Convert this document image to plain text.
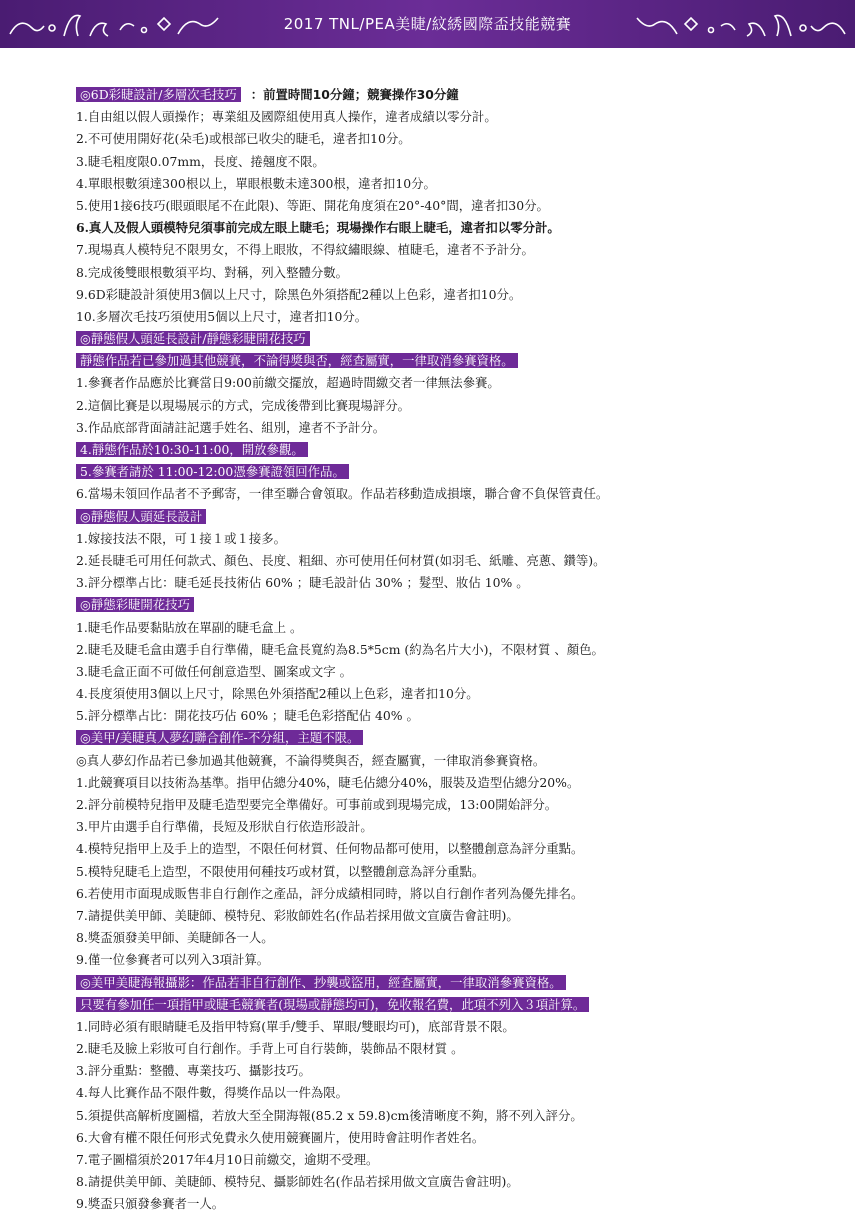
2017 TNL/PEA美睫/紋綉國際盃技能競賽
◎6D彩睫設計/多層次毛技巧 ：前置時間10分鐘；競賽操作30分鐘
1.自由組以假人頭操作；專業組及國際組使用真人操作，違者成績以零分計。
2.不可使用開好花(朵毛)或根部已收尖的睫毛，違者扣10分。
3.睫毛粗度限0.07mm，長度、捲翹度不限。
4.單眼根數須達300根以上，單眼根數未達300根，違者扣10分。
5.使用1接6技巧(眼頭眼尾不在此限)、等距、開花角度須在20°-40°間，違者扣30分。
6.真人及假人頭模特兒須事前完成左眼上睫毛；現場操作右眼上睫毛，違者扣以零分計。
7.現場真人模特兒不限男女，不得上眼妝，不得紋繡眼線、植睫毛，違者不予計分。
8.完成後雙眼根數須平均、對稱，列入整體分數。
9.6D彩睫設計須使用3個以上尺寸，除黑色外須搭配2種以上色彩，違者扣10分。
10.多層次毛技巧須使用5個以上尺寸，違者扣10分。
◎靜態假人頭延長設計/靜態彩睫開花技巧
靜態作品若已參加過其他競賽，不論得獎與否，經查屬實，一律取消參賽資格。
1.參賽者作品應於比賽當日9:00前繳交擺放，超過時間繳交者一律無法參賽。
2.這個比賽是以現場展示的方式，完成後帶到比賽現場評分。
3.作品底部背面請註記選手姓名、組別，違者不予計分。
4.靜態作品於10:30-11:00，開放參觀。
5.參賽者請於 11:00-12:00憑參賽證領回作品。
6.當場未領回作品者不予郵寄，一律至聯合會領取。作品若移動造成損壞，聯合會不負保管責任。
◎靜態假人頭延長設計
1.嫁接技法不限，可１接１或１接多。
2.延長睫毛可用任何款式、顏色、長度、粗細、亦可使用任何材質(如羽毛、紙雕、亮蔥、鑽等)。
3.評分標準占比：睫毛延長技術佔 60% ；睫毛設計佔 30% ；髮型、妝佔 10% 。
◎靜態彩睫開花技巧
1.睫毛作品要黏貼放在單副的睫毛盒上 。
2.睫毛及睫毛盒由選手自行準備，睫毛盒長寬約為8.5*5cm (約為名片大小)，不限材質 、顏色。
3.睫毛盒正面不可做任何創意造型、圖案或文字 。
4.長度須使用3個以上尺寸，除黑色外須搭配2種以上色彩，違者扣10分。
5.評分標準占比：開花技巧佔 60% ；睫毛色彩搭配佔 40% 。
◎美甲/美睫真人夢幻聯合創作-不分組，主題不限。
◎真人夢幻作品若已參加過其他競賽，不論得獎與否，經查屬實，一律取消參賽資格。
1.此競賽項目以技術為基準。指甲佔總分40%，睫毛佔總分40%，服裝及造型佔總分20%。
2.評分前模特兒指甲及睫毛造型要完全準備好。可事前或到現場完成，13:00開始評分。
3.甲片由選手自行準備，長短及形狀自行依造形設計。
4.模特兒指甲上及手上的造型，不限任何材質、任何物品都可使用，以整體創意為評分重點。
5.模特兒睫毛上造型，不限使用何種技巧或材質，以整體創意為評分重點。
6.若使用市面現成販售非自行創作之產品，評分成績相同時，將以自行創作者列為優先排名。
7.請提供美甲師、美睫師、模特兒、彩妝師姓名(作品若採用做文宣廣告會註明)。
8.獎盃頒發美甲師、美睫師各一人。
9.僅一位參賽者可以列入3項計算。
◎美甲美睫海報攝影：作品若非自行創作、抄襲或盜用，經查屬實，一律取消參賽資格。
只要有參加任一項指甲或睫毛競賽者(現場或靜態均可)，免收報名費，此項不列入３項計算。
1.同時必須有眼睛睫毛及指甲特寫(單手/雙手、單眼/雙眼均可)，底部背景不限。
2.睫毛及臉上彩妝可自行創作。手背上可自行裝飾，裝飾品不限材質 。
3.評分重點：整體、專業技巧、攝影技巧。
4.每人比賽作品不限件數，得獎作品以一件為限。
5.須提供高解析度圖檔，若放大至全開海報(85.2 x 59.8)cm後清晰度不夠，將不列入評分。
6.大會有權不限任何形式免費永久使用競賽圖片，使用時會註明作者姓名。
7.電子圖檔須於2017年4月10日前繳交，逾期不受理。
8.請提供美甲師、美睫師、模特兒、攝影師姓名(作品若採用做文宣廣告會註明)。
9.獎盃只頒發參賽者一人。
